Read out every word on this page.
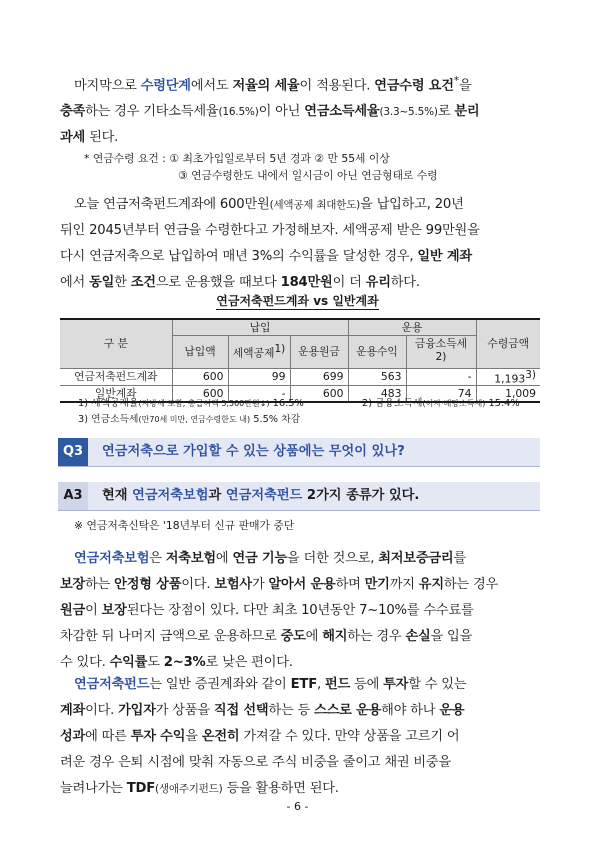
마지막으로 수령단계에서도 저율의 세율이 적용된다. 연금수령 요건*을
충족하는 경우 기타소득세율(16.5%)이 아닌 연금소득세율(3.3~5.5%)로 분리
과세 된다.
* 연금수령 요건 : ① 최초가입일로부터 5년 경과 ② 만 55세 이상
③ 연금수령한도 내에서 일시금이 아닌 연금형태로 수령
오늘 연금저축펀드계좌에 600만원(세액공제 최대한도)을 납입하고, 20년
뒤인 2045년부터 연금을 수령한다고 가정해보자. 세액공제 받은 99만원을
다시 연금저축으로 납입하여 매년 3%의 수익률을 달성한 경우, 일반 계좌
에서 동일한 조건으로 운용했을 때보다 184만원이 더 유리하다.
연금저축펀드계좌 vs 일반계좌
구 분	납입			운용		수령금액
	납입액	세액공제$^{1)}$	운용원금	운용수익	금융소득세$^{2)}$
연금저축펀드계좌	600	99	699	563	-	1,193$^{3)}$
일반계좌	600	-	600	483	74	1,009
1) 세액공제율(지방세 포함, 총급여액 5,500만원↓) 16.5%	2) 금융소득세(이자·배당소득세) 15.4%
3) 연금소득세(만70세 미만, 연금수령한도 내) 5.5% 차감
Q3	연금저축으로 가입할 수 있는 상품에는 무엇이 있나?
A3	현재 연금저축보험과 연금저축펀드 2가지 종류가 있다.
※ 연금저축신탁은 '18년부터 신규 판매가 중단
연금저축보험은 저축보험에 연금 기능을 더한 것으로, 최저보증금리를
보장하는 안정형 상품이다. 보험사가 알아서 운용하며 만기까지 유지하는 경우
원금이 보장된다는 장점이 있다. 다만 최초 10년동안 7~10%를 수수료를
차감한 뒤 나머지 금액으로 운용하므로 중도에 해지하는 경우 손실을 입을
수 있다. 수익률도 2~3%로 낮은 편이다.
연금저축펀드는 일반 증권계좌와 같이 ETF, 펀드 등에 투자할 수 있는
계좌이다. 가입자가 상품을 직접 선택하는 등 스스로 운용해야 하나 운용
성과에 따른 투자 수익을 온전히 가져갈 수 있다. 만약 상품을 고르기 어
려운 경우 은퇴 시점에 맞춰 자동으로 주식 비중을 줄이고 채권 비중을
늘려나가는 TDF(생애주기펀드) 등을 활용하면 된다.
- 6 -
